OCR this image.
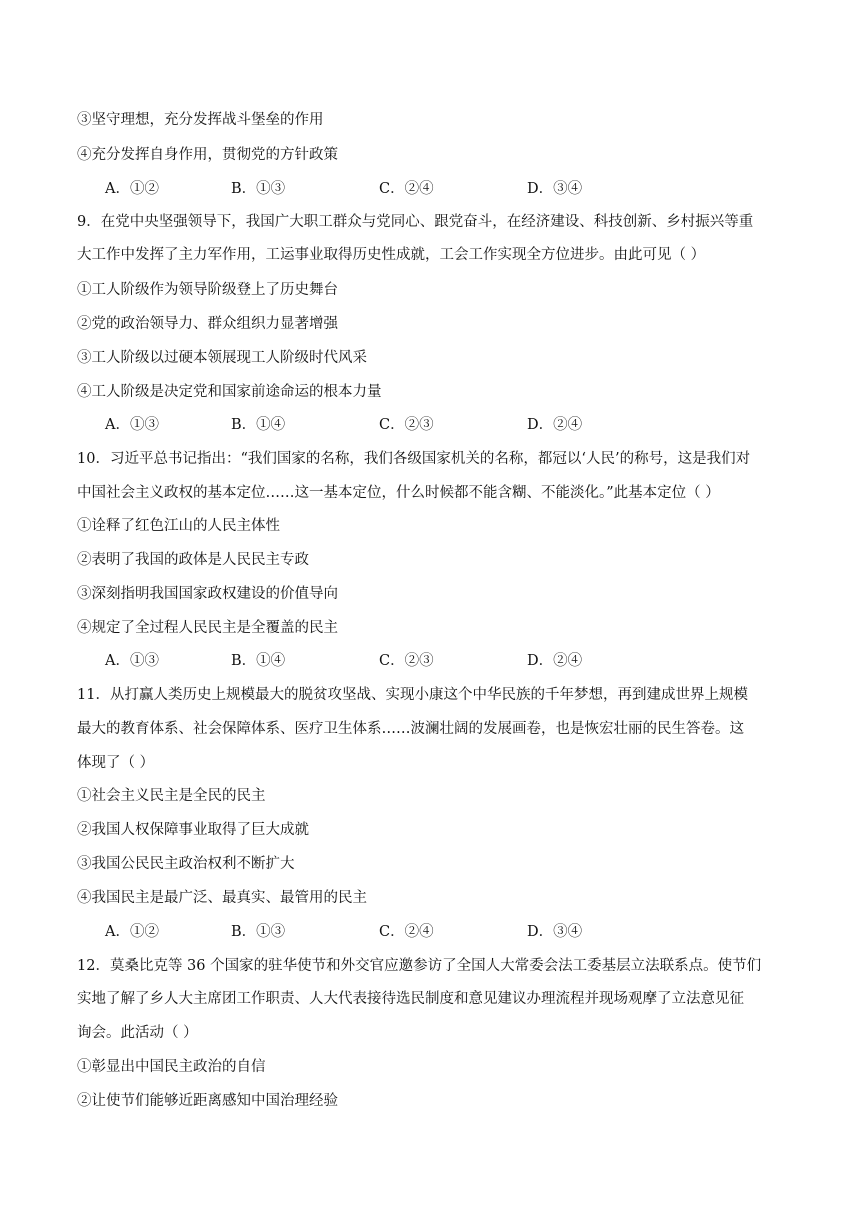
③坚守理想，充分发挥战斗堡垒的作用
④充分发挥自身作用，贯彻党的方针政策
A．①②	B．①③	C．②④	D．③④
9．在党中央坚强领导下，我国广大职工群众与党同心、跟党奋斗，在经济建设、科技创新、乡村振兴等重
大工作中发挥了主力军作用，工运事业取得历史性成就，工会工作实现全方位进步。由此可见（ ）
①工人阶级作为领导阶级登上了历史舞台
②党的政治领导力、群众组织力显著增强
③工人阶级以过硬本领展现工人阶级时代风采
④工人阶级是决定党和国家前途命运的根本力量
A．①③	B．①④	C．②③	D．②④
10．习近平总书记指出：“我们国家的名称，我们各级国家机关的名称，都冠以‘人民’的称号，这是我们对
中国社会主义政权的基本定位……这一基本定位，什么时候都不能含糊、不能淡化。”此基本定位（ ）
①诠释了红色江山的人民主体性
②表明了我国的政体是人民民主专政
③深刻指明我国国家政权建设的价值导向
④规定了全过程人民民主是全覆盖的民主
A．①③	B．①④	C．②③	D．②④
11．从打赢人类历史上规模最大的脱贫攻坚战、实现小康这个中华民族的千年梦想，再到建成世界上规模
最大的教育体系、社会保障体系、医疗卫生体系……波澜壮阔的发展画卷，也是恢宏壮丽的民生答卷。这
体现了（ ）
①社会主义民主是全民的民主
②我国人权保障事业取得了巨大成就
③我国公民民主政治权利不断扩大
④我国民主是最广泛、最真实、最管用的民主
A．①②	B．①③	C．②④	D．③④
12．莫桑比克等 36 个国家的驻华使节和外交官应邀参访了全国人大常委会法工委基层立法联系点。使节们
实地了解了乡人大主席团工作职责、人大代表接待选民制度和意见建议办理流程并现场观摩了立法意见征
询会。此活动（ ）
①彰显出中国民主政治的自信
②让使节们能够近距离感知中国治理经验
